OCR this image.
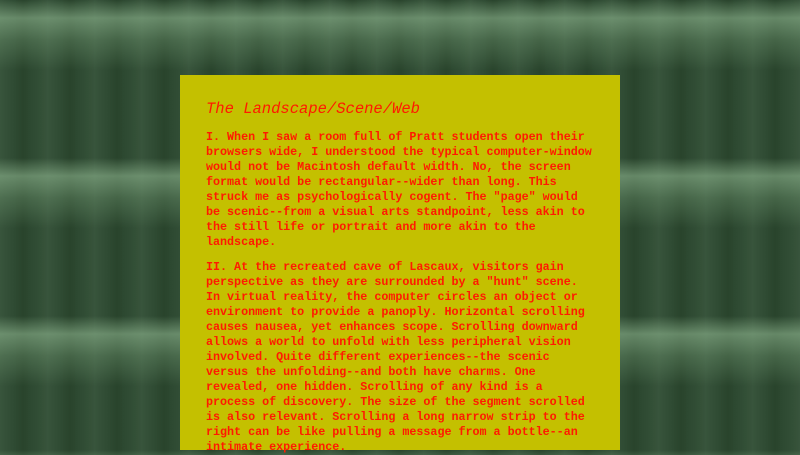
The Landscape/Scene/Web

I. When I saw a room full of Pratt students open their
browsers wide, I understood the typical computer-window
would not be Macintosh default width. No, the screen
format would be rectangular--wider than long. This
struck me as psychologically cogent. The "page" would
be scenic--from a visual arts standpoint, less akin to
the still life or portrait and more akin to the
landscape.

II. At the recreated cave of Lascaux, visitors gain
perspective as they are surrounded by a "hunt" scene.
In virtual reality, the computer circles an object or
environment to provide a panoply. Horizontal scrolling
causes nausea, yet enhances scope. Scrolling downward
allows a world to unfold with less peripheral vision
involved. Quite different experiences--the scenic
versus the unfolding--and both have charms. One
revealed, one hidden. Scrolling of any kind is a
process of discovery. The size of the segment scrolled
is also relevant. Scrolling a long narrow strip to the
right can be like pulling a message from a bottle--an
intimate experience.
